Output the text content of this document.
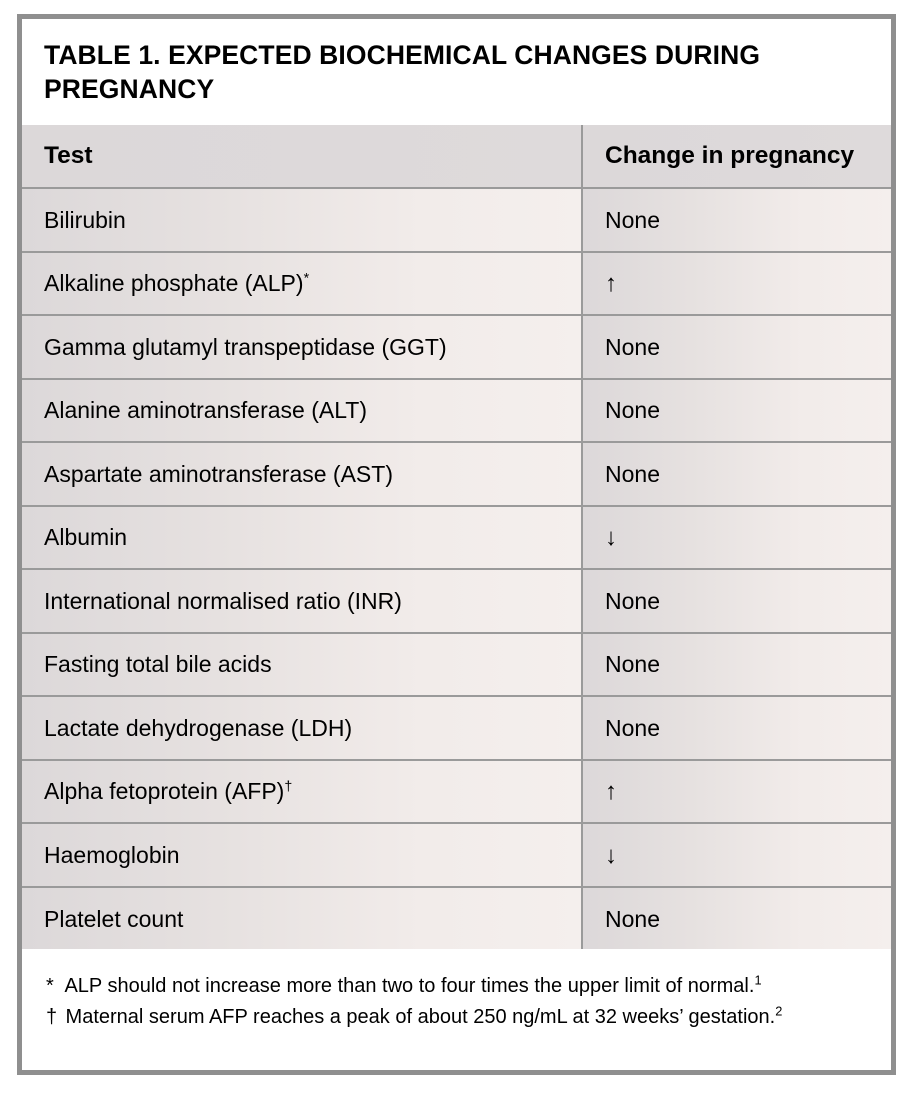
TABLE 1. EXPECTED BIOCHEMICAL CHANGES DURING PREGNANCY
Test	Change in pregnancy
Bilirubin	None
Alkaline phosphate (ALP)*	↑
Gamma glutamyl transpeptidase (GGT)	None
Alanine aminotransferase (ALT)	None
Aspartate aminotransferase (AST)	None
Albumin	↓
International normalised ratio (INR)	None
Fasting total bile acids	None
Lactate dehydrogenase (LDH)	None
Alpha fetoprotein (AFP)†	↑
Haemoglobin	↓
Platelet count	None
* ALP should not increase more than two to four times the upper limit of normal.$^1$
† Maternal serum AFP reaches a peak of about 250 ng/mL at 32 weeks’ gestation.$^2$
